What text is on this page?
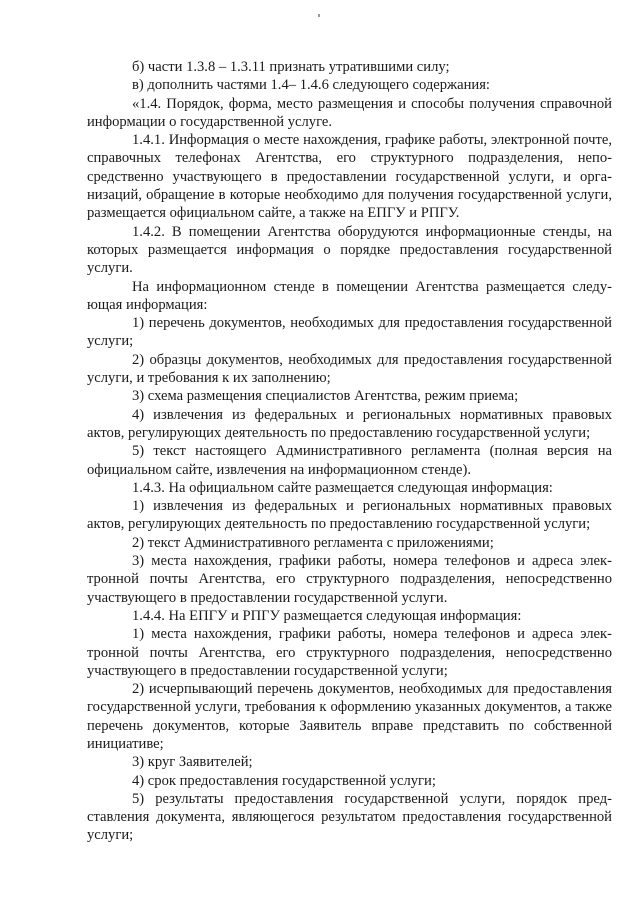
б) части 1.3.8 – 1.3.11 признать утратившими силу;

в) дополнить частями 1.4– 1.4.6 следующего содержания:

«1.4. Порядок, форма, место размещения и способы получения справочной информации о государственной услуге.

1.4.1. Информация о месте нахождения, графике работы, электронной почте, справочных телефонах Агентства, его структурного подразделения, непосредственно участвующего в предоставлении государственной услуги, и организаций, обращение в которые необходимо для получения государственной услуги, размещается официальном сайте, а также на ЕПГУ и РПГУ.

1.4.2. В помещении Агентства оборудуются информационные стенды, на которых размещается информация о порядке предоставления государственной услуги.

На информационном стенде в помещении Агентства размещается следующая информация:

1) перечень документов, необходимых для предоставления государственной услуги;

2) образцы документов, необходимых для предоставления государственной услуги, и требования к их заполнению;

3) схема размещения специалистов Агентства, режим приема;

4) извлечения из федеральных и региональных нормативных правовых актов, регулирующих деятельность по предоставлению государственной услуги;

5) текст настоящего Административного регламента (полная версия на официальном сайте, извлечения на информационном стенде).

1.4.3. На официальном сайте размещается следующая информация:

1) извлечения из федеральных и региональных нормативных правовых актов, регулирующих деятельность по предоставлению государственной услуги;

2) текст Административного регламента с приложениями;

3) места нахождения, графики работы, номера телефонов и адреса электронной почты Агентства, его структурного подразделения, непосредственно участвующего в предоставлении государственной услуги.

1.4.4. На ЕПГУ и РПГУ размещается следующая информация:

1) места нахождения, графики работы, номера телефонов и адреса электронной почты Агентства, его структурного подразделения, непосредственно участвующего в предоставлении государственной услуги;

2) исчерпывающий перечень документов, необходимых для предоставления государственной услуги, требования к оформлению указанных документов, а также перечень документов, которые Заявитель вправе представить по собственной инициативе;

3) круг Заявителей;

4) срок предоставления государственной услуги;

5) результаты предоставления государственной услуги, порядок представления документа, являющегося результатом предоставления государственной услуги;
